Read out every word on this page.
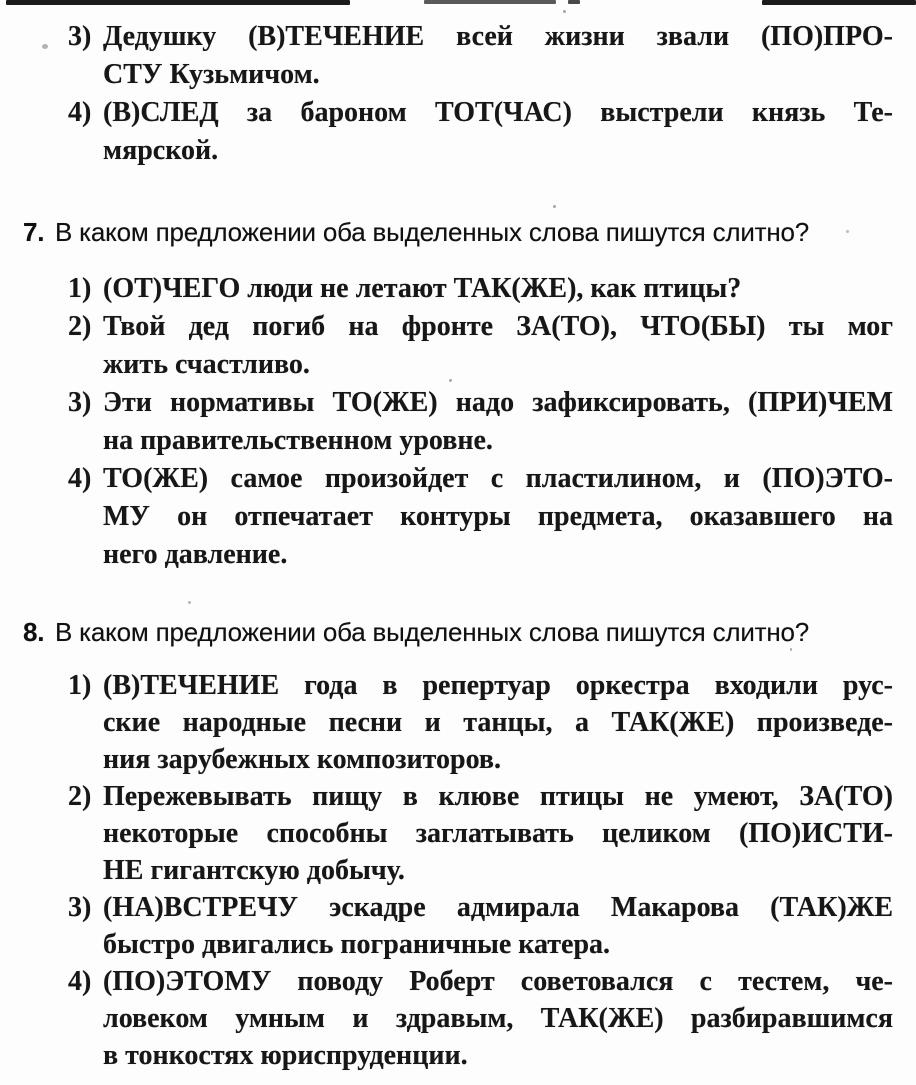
3) Дедушку (В)ТЕЧЕНИЕ всей жизни звали (ПО)ПРО-
СТУ Кузьмичом.
4) (В)СЛЕД за бароном ТОТ(ЧАС) выстрели князь Те-
мярской.
7. В каком предложении оба выделенных слова пишутся слитно?
1) (ОТ)ЧЕГО люди не летают ТАК(ЖЕ), как птицы?
2) Твой дед погиб на фронте ЗА(ТО), ЧТО(БЫ) ты мог
жить счастливо.
3) Эти нормативы ТО(ЖЕ) надо зафиксировать, (ПРИ)ЧЕМ
на правительственном уровне.
4) ТО(ЖЕ) самое произойдет с пластилином, и (ПО)ЭТО-
МУ он отпечатает контуры предмета, оказавшего на
него давление.
8. В каком предложении оба выделенных слова пишутся слитно?
1) (В)ТЕЧЕНИЕ года в репертуар оркестра входили рус-
ские народные песни и танцы, а ТАК(ЖЕ) произведе-
ния зарубежных композиторов.
2) Пережевывать пищу в клюве птицы не умеют, ЗА(ТО)
некоторые способны заглатывать целиком (ПО)ИСТИ-
НЕ гигантскую добычу.
3) (НА)ВСТРЕЧУ эскадре адмирала Макарова (ТАК)ЖЕ
быстро двигались пограничные катера.
4) (ПО)ЭТОМУ поводу Роберт советовался с тестем, че-
ловеком умным и здравым, ТАК(ЖЕ) разбиравшимся
в тонкостях юриспруденции.
